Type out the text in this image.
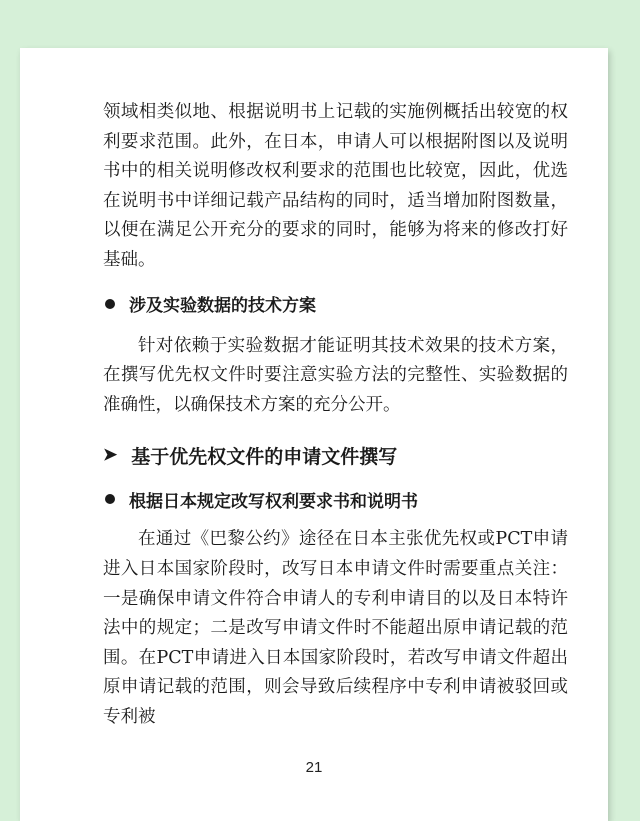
领域相类似地、根据说明书上记载的实施例概括出较宽的权利要求范围。此外，在日本，申请人可以根据附图以及说明书中的相关说明修改权利要求的范围也比较宽，因此，优选在说明书中详细记载产品结构的同时，适当增加附图数量，以便在满足公开充分的要求的同时，能够为将来的修改打好基础。

涉及实验数据的技术方案

针对依赖于实验数据才能证明其技术效果的技术方案，在撰写优先权文件时要注意实验方法的完整性、实验数据的准确性，以确保技术方案的充分公开。

➤ 基于优先权文件的申请文件撰写
根据日本规定改写权利要求书和说明书

在通过《巴黎公约》途径在日本主张优先权或PCT申请进入日本国家阶段时，改写日本申请文件时需要重点关注：一是确保申请文件符合申请人的专利申请目的以及日本特许法中的规定；二是改写申请文件时不能超出原申请记载的范围。在PCT申请进入日本国家阶段时，若改写申请文件超出原申请记载的范围，则会导致后续程序中专利申请被驳回或专利被

21
